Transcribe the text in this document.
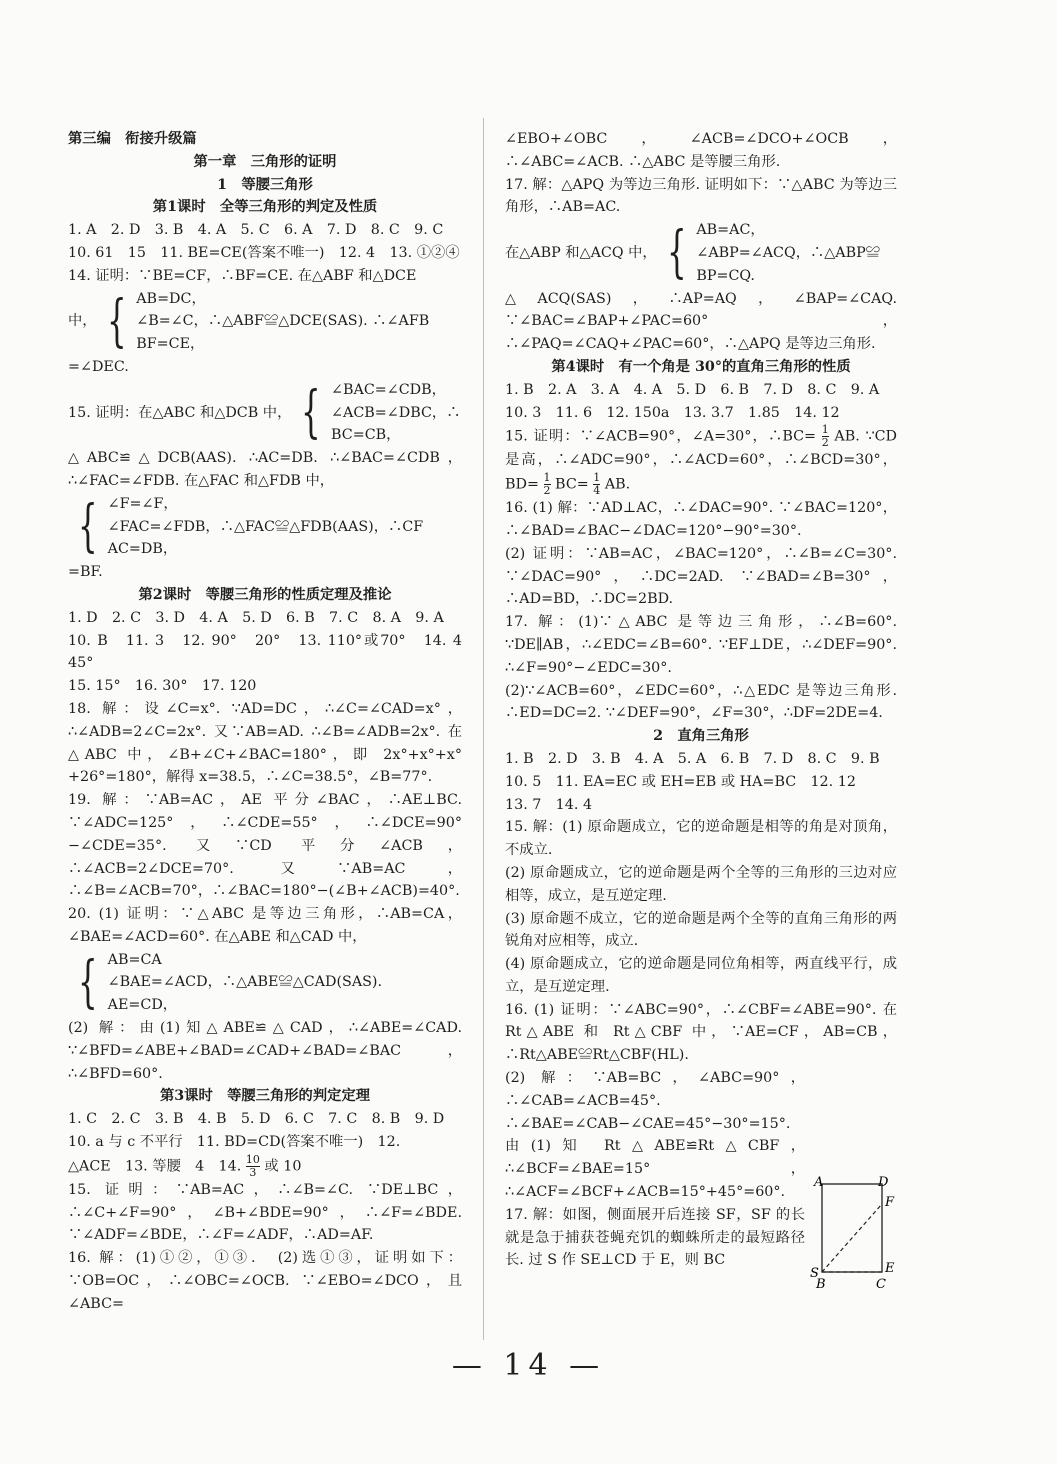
第三编　衔接升级篇

第一章　三角形的证明

1　等腰三角形

第1课时　全等三角形的判定及性质

1. A　2. D　3. B　4. A　5. C　6. A　7. D　8. C　9. C

10. 61　15　11. BE=CE(答案不唯一)　12. 4　13. ①②④

14. 证明：∵BE=CF，∴BF=CE. 在△ABF 和△DCE

中， { AB=DC，
∠B=∠C，∴△ABF≌△DCE(SAS). ∴∠AFB
BF=CE，

=∠DEC.

15. 证明：在△ABC 和△DCB 中， { ∠BAC=∠CDB，
∠ACB=∠DBC，∴
BC=CB，

△ABC≌△DCB(AAS). ∴AC=DB. ∴∠BAC=∠CDB，∴∠FAC=∠FDB. 在△FAC 和△FDB 中，

{ ∠F=∠F，
∠FAC=∠FDB，∴△FAC≌△FDB(AAS)，∴CF
AC=DB，

=BF.

第2课时　等腰三角形的性质定理及推论

1. D　2. C　3. D　4. A　5. D　6. B　7. C　8. A　9. A

10. B　11. 3　12. 90°　20°　13. 110°或70°　14. 4　45°

15. 15°　16. 30°　17. 120

18. 解：设∠C=x°. ∵AD=DC，∴∠C=∠CAD=x°，∴∠ADB=2∠C=2x°. 又∵AB=AD. ∴∠B=∠ADB=2x°. 在△ABC 中，∠B+∠C+∠BAC=180°，即 2x°+x°+x°+26°=180°，解得 x=38.5，∴∠C=38.5°，∠B=77°.

19. 解：∵AB=AC，AE 平分∠BAC，∴AE⊥BC. ∵∠ADC=125°，∴∠CDE=55°，∴∠DCE=90°−∠CDE=35°. 又∵CD 平分∠ACB，∴∠ACB=2∠DCE=70°. 又∵AB=AC，∴∠B=∠ACB=70°，∴∠BAC=180°−(∠B+∠ACB)=40°.

20. (1) 证明：∵△ABC 是等边三角形，∴AB=CA，∠BAE=∠ACD=60°. 在△ABE 和△CAD 中，

{ AB=CA
∠BAE=∠ACD，∴△ABE≌△CAD(SAS).
AE=CD，

(2) 解：由(1)知△ABE≌△CAD，∴∠ABE=∠CAD. ∵∠BFD=∠ABE+∠BAD=∠CAD+∠BAD=∠BAC，∴∠BFD=60°.

第3课时　等腰三角形的判定定理

1. C　2. C　3. B　4. B　5. D　6. C　7. C　8. B　9. D

10. a 与 c 不平行　11. BD=CD(答案不唯一)　12.

△ACE　13. 等腰　4　14. $\frac{10}{3}$ 或 10

15. 证明：∵AB=AC，∴∠B=∠C. ∵DE⊥BC，∴∠C+∠F=90°，∠B+∠BDE=90°，∴∠F=∠BDE. ∵∠ADF=∠BDE，∴∠F=∠ADF，∴AD=AF.

16. 解：(1)①②，①③.　(2)选①③，证明如下：∵OB=OC，∴∠OBC=∠OCB. ∵∠EBO=∠DCO，且∠ABC=

∠EBO+∠OBC，∠ACB=∠DCO+∠OCB，∴∠ABC=∠ACB. ∴△ABC 是等腰三角形.

17. 解：△APQ 为等边三角形. 证明如下：∵△ABC 为等边三角形，∴AB=AC.

在△ABP 和△ACQ 中， { AB=AC，
∠ABP=∠ACQ，∴△ABP≌
BP=CQ.

△ACQ(SAS)，∴AP=AQ，∠BAP=∠CAQ. ∵∠BAC=∠BAP+∠PAC=60°，∴∠PAQ=∠CAQ+∠PAC=60°，∴△APQ 是等边三角形.

第4课时　有一个角是 30°的直角三角形的性质

1. B　2. A　3. A　4. A　5. D　6. B　7. D　8. C　9. A

10. 3　11. 6　12. 150a　13. 3.7　1.85　14. 12

15. 证明：∵∠ACB=90°，∠A=30°，∴BC= $\frac{1}{2}$ AB. ∵CD 是高，∴∠ADC=90°，∴∠ACD=60°，∴∠BCD=30°， $BD= \frac{1}{2} BC= \frac{1}{4}$ AB.

16. (1) 解：∵AD⊥AC，∴∠DAC=90°. ∵∠BAC=120°，∴∠BAD=∠BAC−∠DAC=120°−90°=30°.

(2) 证明：∵AB=AC，∠BAC=120°，∴∠B=∠C=30°. ∵∠DAC=90°，∴DC=2AD. ∵∠BAD=∠B=30°，∴AD=BD，∴DC=2BD.

17. 解：(1)∵△ABC 是等边三角形，∴∠B=60°. ∵DE∥AB，∴∠EDC=∠B=60°. ∵EF⊥DE，∴∠DEF=90°. ∴∠F=90°−∠EDC=30°.

(2)∵∠ACB=60°，∠EDC=60°，∴△EDC 是等边三角形. ∴ED=DC=2. ∵∠DEF=90°，∠F=30°，∴DF=2DE=4.

2　直角三角形

1. B　2. D　3. B　4. A　5. A　6. B　7. D　8. C　9. B

10. 5　11. EA=EC 或 EH=EB 或 HA=BC　12. 12

13. 7　14. 4

15. 解：(1) 原命题成立，它的逆命题是相等的角是对顶角，不成立.

(2) 原命题成立，它的逆命题是两个全等的三角形的三边对应相等，成立，是互逆定理.

(3) 原命题不成立，它的逆命题是两个全等的直角三角形的两锐角对应相等，成立.

(4) 原命题成立，它的逆命题是同位角相等，两直线平行，成立，是互逆定理.

16. (1) 证明：∵∠ABC=90°，∴∠CBF=∠ABE=90°. 在 Rt△ABE 和 Rt△CBF 中，∵AE=CF，AB=CB，∴Rt△ABE≌Rt△CBF(HL).

(2) 解：∵AB=BC，∠ABC=90°，∴∠CAB=∠ACB=45°. ∴∠BAE=∠CAB−∠CAE=45°−30°=15°. 由(1)知 Rt△ABE≌Rt△CBF，∴∠BCF=∠BAE=15°，∴∠ACF=∠BCF+∠ACB=15°+45°=60°.

17. 解：如图，侧面展开后连接 SF，SF 的长就是急于捕获苍蝇充饥的蜘蛛所走的最短路径长. 过 S 作 SE⊥CD 于 E，则 BC

A	D
F
S	E
B	C
— 14 —
